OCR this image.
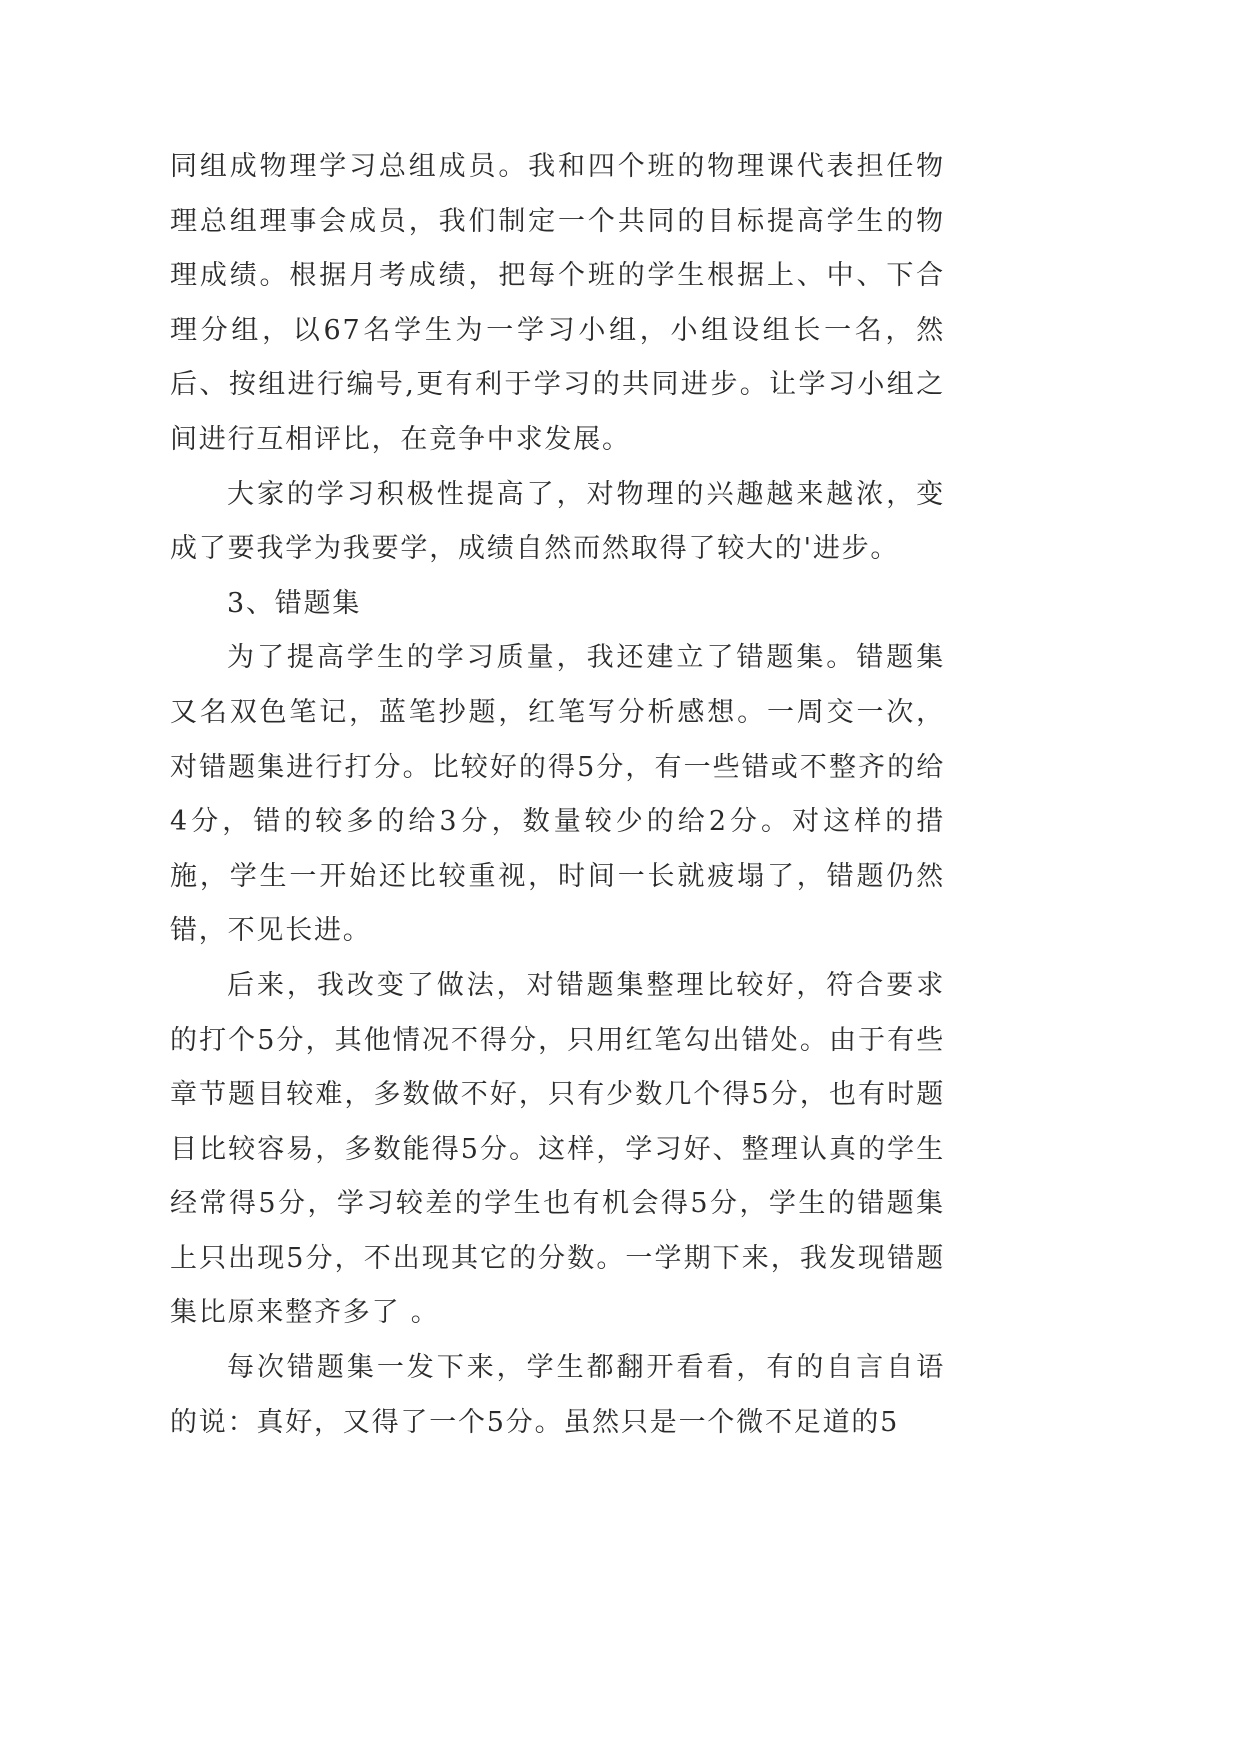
同组成物理学习总组成员。我和四个班的物理课代表担任物理总组理事会成员，我们制定一个共同的目标提高学生的物理成绩。根据月考成绩，把每个班的学生根据上、中、下合理分组，以67名学生为一学习小组，小组设组长一名，然后、按组进行编号,更有利于学习的共同进步。让学习小组之间进行互相评比，在竞争中求发展。

大家的学习积极性提高了，对物理的兴趣越来越浓，变成了要我学为我要学，成绩自然而然取得了较大的'进步。

3、错题集

为了提高学生的学习质量，我还建立了错题集。错题集又名双色笔记，蓝笔抄题，红笔写分析感想。一周交一次，对错题集进行打分。比较好的得5分，有一些错或不整齐的给4分，错的较多的给3分，数量较少的给2分。对这样的措施，学生一开始还比较重视，时间一长就疲塌了，错题仍然错，不见长进。

后来，我改变了做法，对错题集整理比较好，符合要求的打个5分，其他情况不得分，只用红笔勾出错处。由于有些章节题目较难，多数做不好，只有少数几个得5分，也有时题目比较容易，多数能得5分。这样，学习好、整理认真的学生经常得5分，学习较差的学生也有机会得5分，学生的错题集上只出现5分，不出现其它的分数。一学期下来，我发现错题集比原来整齐多了 。

每次错题集一发下来，学生都翻开看看，有的自言自语的说：真好，又得了一个5分。虽然只是一个微不足道的5
